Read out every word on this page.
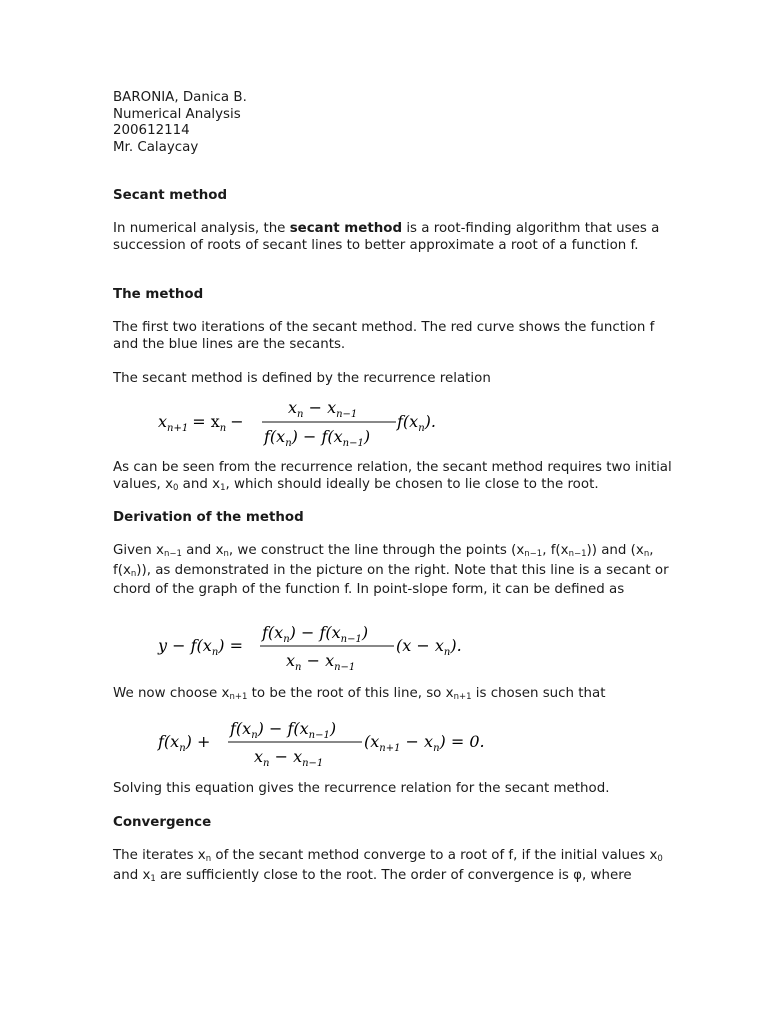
BARONIA, Danica B.
Numerical Analysis
200612114
Mr. Calaycay
Secant method
In numerical analysis, the secant method is a root-finding algorithm that uses a succession of roots of secant lines to better approximate a root of a function f.
The method
The first two iterations of the secant method. The red curve shows the function f and the blue lines are the secants.
The secant method is defined by the recurrence relation
$x_{n+1} = x_n$ −
$x_n - x_{n-1}$
$f(x_n) - f(x_{n-1})$
$f(x_n)$.
As can be seen from the recurrence relation, the secant method requires two initial values, $x_0$ and $x_1$, which should ideally be chosen to lie close to the root.
Derivation of the method
Given $x_{n-1}$ and $x_n$, we construct the line through the points ($x_{n-1}$, $f(x_{n-1})$) and ($x_n$, $f(x_n)$), as demonstrated in the picture on the right. Note that this line is a secant or chord of the graph of the function f. In point-slope form, it can be defined as
$y - f(x_n)$ =
$f(x_n) - f(x_{n-1})$
$x_n - x_{n-1}$
$(x - x_n)$.
We now choose $x_{n+1}$ to be the root of this line, so $x_{n+1}$ is chosen such that
$f(x_n)$ +
$f(x_n) - f(x_{n-1})$
$x_n - x_{n-1}$
$(x_{n+1} - x_n) = 0$.
Solving this equation gives the recurrence relation for the secant method.
Convergence
The iterates $x_n$ of the secant method converge to a root of f, if the initial values $x_0$ and $x_1$ are sufficiently close to the root. The order of convergence is φ, where
